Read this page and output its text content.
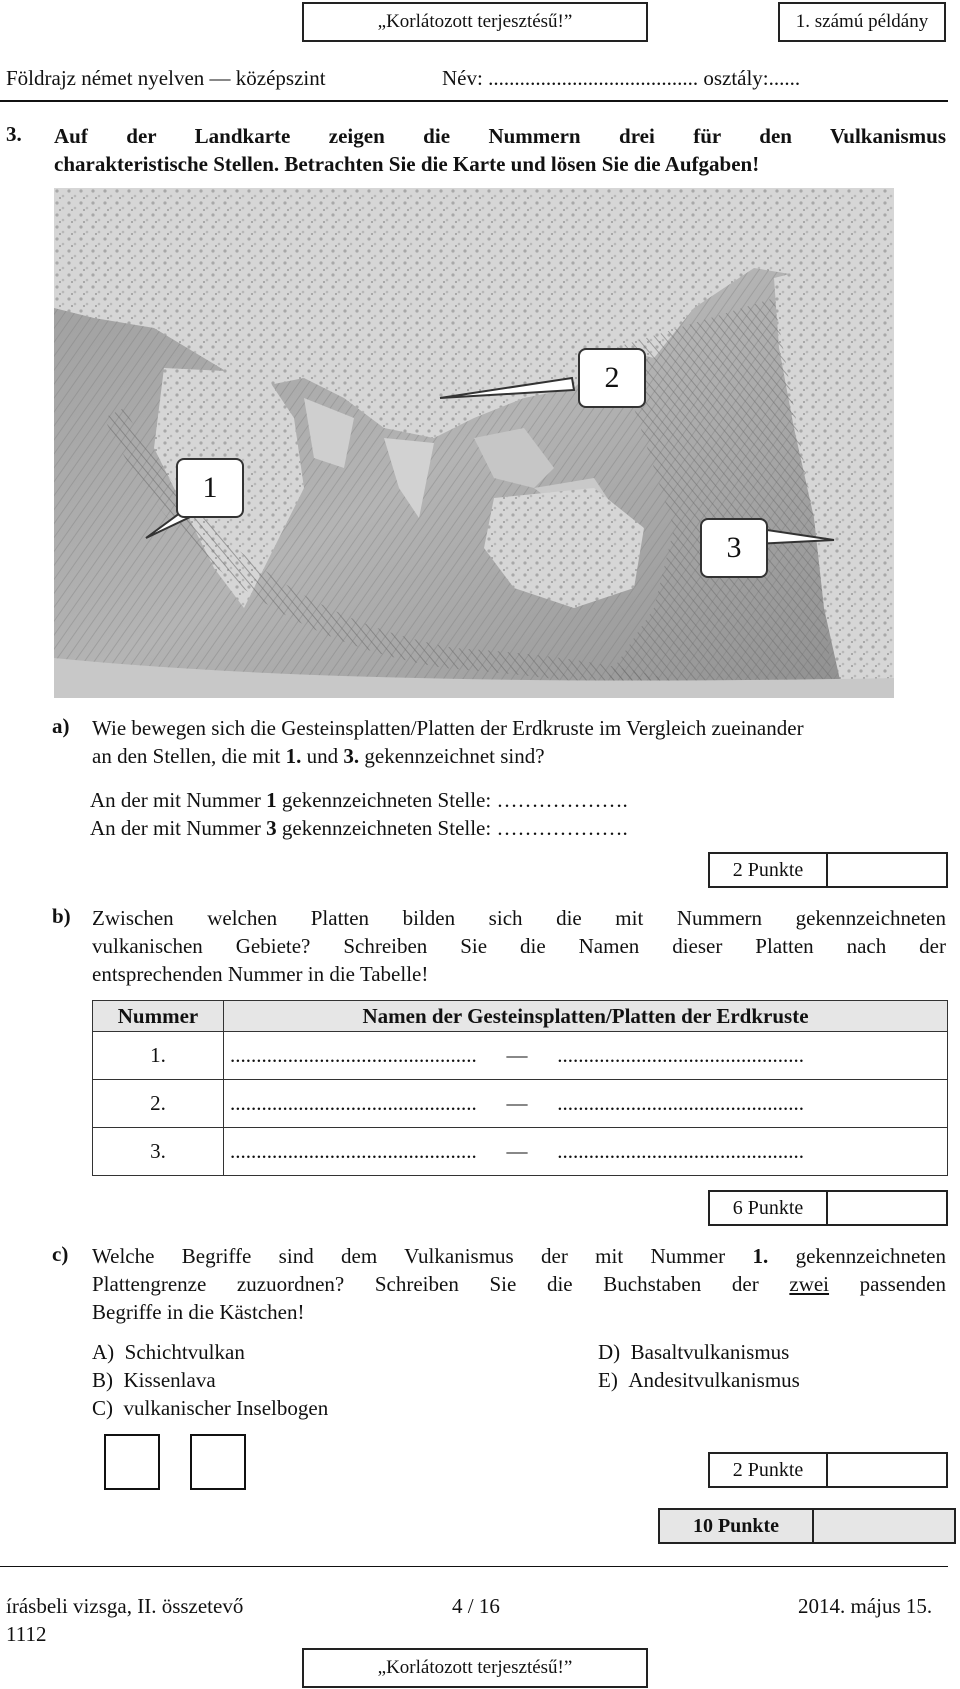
„Korlátozott terjesztésű!”	1. számú példány
Földrajz német nyelven — középszint	Név: ........................................ osztály:......
3. Auf der Landkarte zeigen die Nummern drei für den Vulkanismus
charakteristische Stellen. Betrachten Sie die Karte und lösen Sie die Aufgaben!
1
2
3
a) Wie bewegen sich die Gesteinsplatten/Platten der Erdkruste im Vergleich zueinander
an den Stellen, die mit 1. und 3. gekennzeichnet sind?
An der mit Nummer 1 gekennzeichneten Stelle: ……………….
An der mit Nummer 3 gekennzeichneten Stelle: ……………….
2 Punkte
b) Zwischen welchen Platten bilden sich die mit Nummern gekennzeichneten
vulkanischen Gebiete? Schreiben Sie die Namen dieser Platten nach der
entsprechenden Nummer in die Tabelle!
Nummer	Namen der Gesteinsplatten/Platten der Erdkruste
1.	............................................... — ...............................................
2.	............................................... — ...............................................
3.	............................................... — ...............................................
6 Punkte
c) Welche Begriffe sind dem Vulkanismus der mit Nummer 1. gekennzeichneten
Plattengrenze zuzuordnen? Schreiben Sie die Buchstaben der zwei passenden
Begriffe in die Kästchen!
A) Schichtvulkan
B) Kissenlava
C) vulkanischer Inselbogen
D) Basaltvulkanismus
E) Andesitvulkanismus
2 Punkte
10 Punkte
írásbeli vizsga, II. összetevő
1112
4 / 16	2014. május 15.
„Korlátozott terjesztésű!”
